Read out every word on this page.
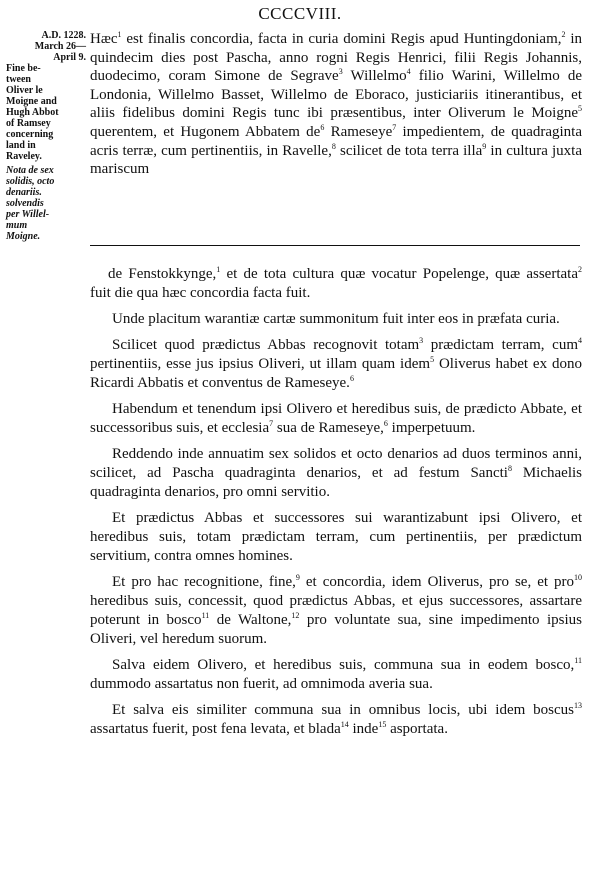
CCCCVIII.
A.D. 1228.
March 26—
April 9.
Fine be-
tween
Oliver le
Moigne and
Hugh Abbot
of Ramsey
concerning
land in
Raveley.
Nota de sex
solidis, octo
denariis.
solvendis
per Willel-
mum
Moigne.
Hæc$^1$ est finalis concordia, facta in curia domini Regis apud Huntingdoniam,$^2$ in quindecim dies post Pascha, anno rogni Regis Henrici, filii Regis Johannis, duodecimo, coram Simone de Segrave$^3$ Willelmo$^4$ filio Warini, Willelmo de Londonia, Willelmo Basset, Willelmo de Eboraco, justiciariis itinerantibus, et aliis fidelibus domini Regis tunc ibi præsentibus, inter Oliverum le Moigne$^5$ querentem, et Hugonem Abbatem $de^6$ Rameseye$^7$ impedientem, de quadraginta acris terræ, cum pertinentiis, in Ravelle,$^8$ scilicet de tota terra illa$^9$ in cultura juxta mariscum

de Fenstokkynge,$^1$ et de tota cultura quæ vocatur Popelenge, quæ assertata$^2$ fuit die qua hæc concordia facta fuit.

Unde placitum warantiæ cartæ summonitum fuit inter eos in præfata curia.

Scilicet quod prædictus Abbas recognovit totam$^3$ prædictam terram, cum$^4$ pertinentiis, esse jus ipsius Oliveri, ut illam quam idem$^5$ Oliverus habet ex dono Ricardi Abbatis et conventus de Rameseye.$^6$

Habendum et tenendum ipsi Olivero et heredibus suis, de prædicto Abbate, et successoribus suis, et ecclesia$^7$ sua de Rameseye,$^6$ imperpetuum.

Reddendo inde annuatim sex solidos et octo denarios ad duos terminos anni, scilicet, ad Pascha quadraginta denarios, et ad festum Sancti$^8$ Michaelis quadraginta denarios, pro omni servitio.

Et prædictus Abbas et successores sui warantizabunt ipsi Olivero, et heredibus suis, totam prædictam terram, cum pertinentiis, per prædictum servitium, contra omnes homines.

Et pro hac recognitione, fine,$^9$ et concordia, idem Oliverus, pro se, et pro$^{10}$ heredibus suis, concessit, quod prædictus Abbas, et ejus successores, assartare poterunt in bosco$^{11}$ de Waltone,$^{12}$ pro voluntate sua, sine impedimento ipsius Oliveri, vel heredum suorum.

Salva eidem Olivero, et heredibus suis, communa sua in eodem bosco,$^{11}$ dummodo assartatus non fuerit, ad omnimoda averia sua.

Et salva eis similiter communa sua in omnibus locis, ubi idem boscus$^{13}$ assartatus fuerit, post fena levata, et blada$^{14}$ inde$^{15}$ asportata.
